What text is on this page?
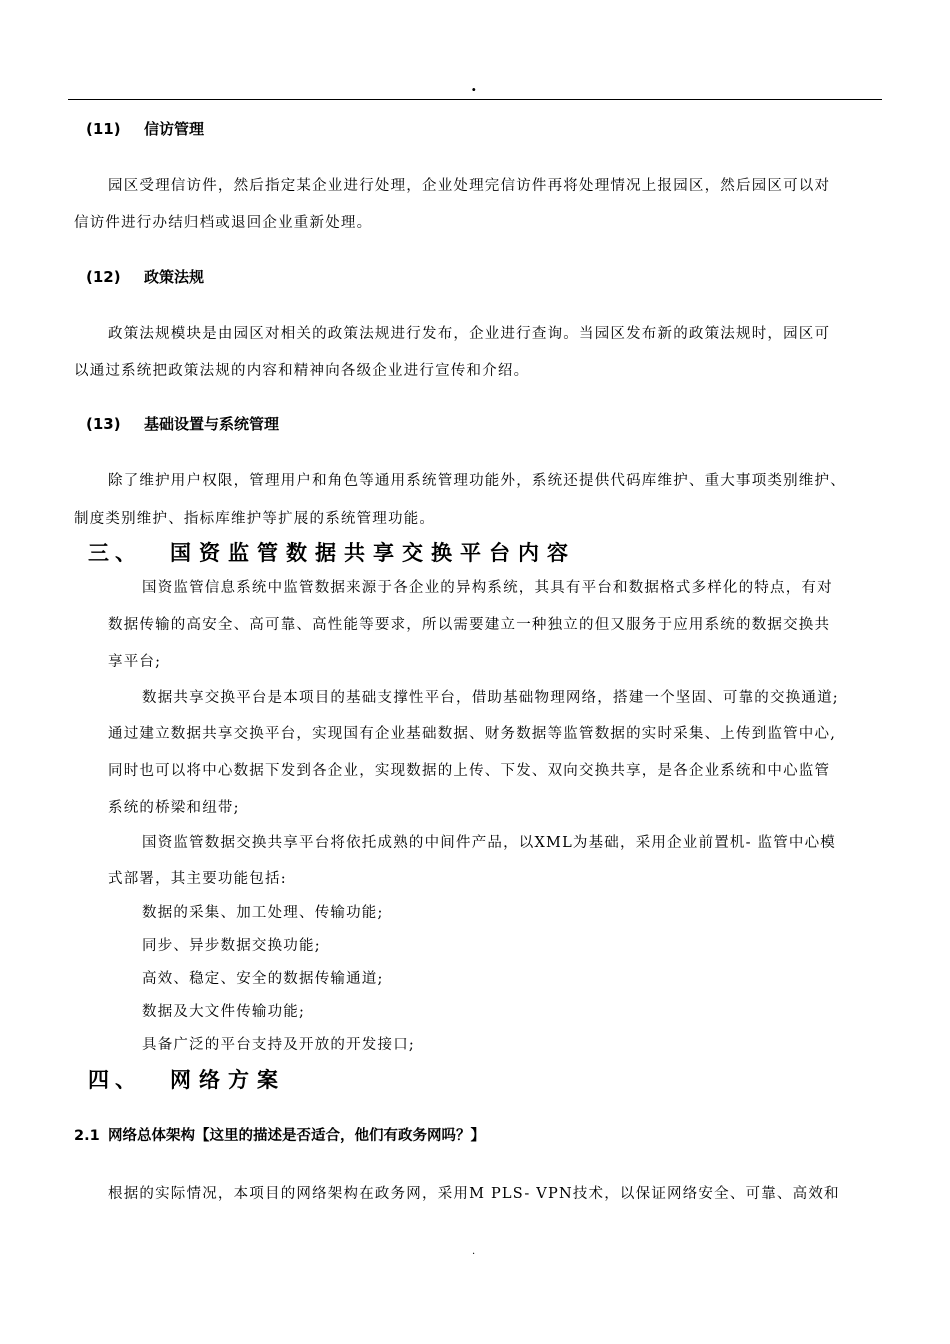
.
(11) 信访管理
园区受理信访件，然后指定某企业进行处理，企业处理完信访件再将处理情况上报园区，然后园区可以对
信访件进行办结归档或退回企业重新处理。
(12) 政策法规
政策法规模块是由园区对相关的政策法规进行发布，企业进行查询。当园区发布新的政策法规时，园区可
以通过系统把政策法规的内容和精神向各级企业进行宣传和介绍。
(13) 基础设置与系统管理
除了维护用户权限，管理用户和角色等通用系统管理功能外，系统还提供代码库维护、重大事项类别维护、
制度类别维护、指标库维护等扩展的系统管理功能。
三、 国资监管数据共享交换平台内容
国资监管信息系统中监管数据来源于各企业的异构系统，其具有平台和数据格式多样化的特点，有对
数据传输的高安全、高可靠、高性能等要求，所以需要建立一种独立的但又服务于应用系统的数据交换共
享平台;
数据共享交换平台是本项目的基础支撑性平台，借助基础物理网络，搭建一个坚固、可靠的交换通道;
通过建立数据共享交换平台，实现国有企业基础数据、财务数据等监管数据的实时采集、上传到监管中心,
同时也可以将中心数据下发到各企业，实现数据的上传、下发、双向交换共享，是各企业系统和中心监管
系统的桥梁和纽带;
国资监管数据交换共享平台将依托成熟的中间件产品，以XML为基础，采用企业前置机- 监管中心模
式部署，其主要功能包括:
数据的采集、加工处理、传输功能;
同步、异步数据交换功能;
高效、稳定、安全的数据传输通道;
数据及大文件传输功能;
具备广泛的平台支持及开放的开发接口;
四、 网络方案
2.1 网络总体架构【这里的描述是否适合，他们有政务网吗？】
根据的实际情况，本项目的网络架构在政务网，采用M PLS- VPN技术，以保证网络安全、可靠、高效和
.
